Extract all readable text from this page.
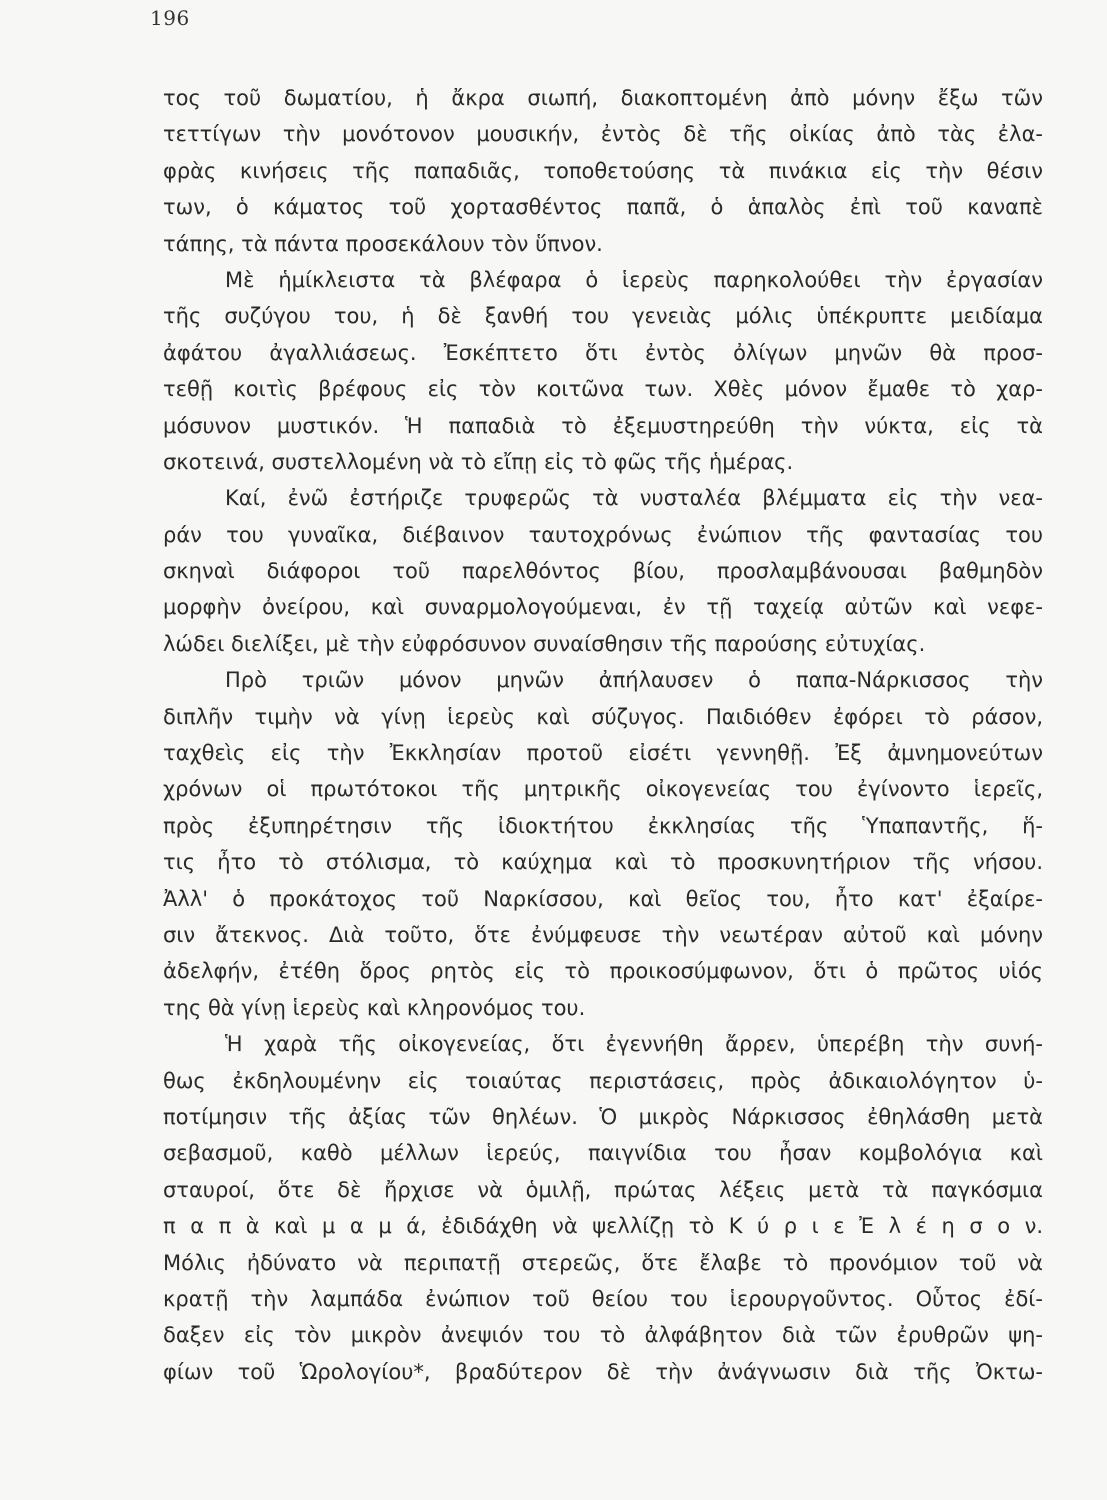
196
τος τοῦ δωματίου, ἡ ἄκρα σιωπή, διακοπτομένη ἀπὸ μόνην ἔξω τῶν
τεττίγων τὴν μονότονον μουσικήν, ἐντὸς δὲ τῆς οἰκίας ἀπὸ τὰς ἐλα-
φρὰς κινήσεις τῆς παπαδιᾶς, τοποθετούσης τὰ πινάκια εἰς τὴν θέσιν
των, ὁ κάματος τοῦ χορτασθέντος παπᾶ, ὁ ἁπαλὸς ἐπὶ τοῦ καναπὲ
τάπης, τὰ πάντα προσεκάλουν τὸν ὕπνον.
Μὲ ἡμίκλειστα τὰ βλέφαρα ὁ ἱερεὺς παρηκολούθει τὴν ἐργασίαν
τῆς συζύγου του, ἡ δὲ ξανθή του γενειὰς μόλις ὑπέκρυπτε μειδίαμα
ἀφάτου ἀγαλλιάσεως. Ἐσκέπτετο ὅτι ἐντὸς ὀλίγων μηνῶν θὰ προσ-
τεθῇ κοιτὶς βρέφους εἰς τὸν κοιτῶνα των. Χθὲς μόνον ἔμαθε τὸ χαρ-
μόσυνον μυστικόν. Ἡ παπαδιὰ τὸ ἐξεμυστηρεύθη τὴν νύκτα, εἰς τὰ
σκοτεινά, συστελλομένη νὰ τὸ εἴπῃ εἰς τὸ φῶς τῆς ἡμέρας.
Καί, ἐνῶ ἐστήριζε τρυφερῶς τὰ νυσταλέα βλέμματα εἰς τὴν νεα-
ράν του γυναῖκα, διέβαινον ταυτοχρόνως ἐνώπιον τῆς φαντασίας του
σκηναὶ διάφοροι τοῦ παρελθόντος βίου, προσλαμβάνουσαι βαθμηδὸν
μορφὴν ὀνείρου, καὶ συναρμολογούμεναι, ἐν τῇ ταχείᾳ αὐτῶν καὶ νεφε-
λώδει διελίξει, μὲ τὴν εὐφρόσυνον συναίσθησιν τῆς παρούσης εὐτυχίας.
Πρὸ τριῶν μόνον μηνῶν ἀπήλαυσεν ὁ παπα-Νάρκισσος τὴν
διπλῆν τιμὴν νὰ γίνῃ ἱερεὺς καὶ σύζυγος. Παιδιόθεν ἐφόρει τὸ ράσον,
ταχθεὶς εἰς τὴν Ἐκκλησίαν προτοῦ εἰσέτι γεννηθῇ. Ἐξ ἀμνημονεύτων
χρόνων οἱ πρωτότοκοι τῆς μητρικῆς οἰκογενείας του ἐγίνοντο ἱερεῖς,
πρὸς ἐξυπηρέτησιν τῆς ἰδιοκτήτου ἐκκλησίας τῆς Ὑπαπαντῆς, ἥ-
τις ἦτο τὸ στόλισμα, τὸ καύχημα καὶ τὸ προσκυνητήριον τῆς νήσου.
Ἀλλ' ὁ προκάτοχος τοῦ Ναρκίσσου, καὶ θεῖος του, ἦτο κατ' ἐξαίρε-
σιν ἄτεκνος. Διὰ τοῦτο, ὅτε ἐνύμφευσε τὴν νεωτέραν αὐτοῦ καὶ μόνην
ἀδελφήν, ἐτέθη ὅρος ρητὸς εἰς τὸ προικοσύμφωνον, ὅτι ὁ πρῶτος υἱός
της θὰ γίνῃ ἱερεὺς καὶ κληρονόμος του.
Ἡ χαρὰ τῆς οἰκογενείας, ὅτι ἐγεννήθη ἄρρεν, ὑπερέβη τὴν συνή-
θως ἐκδηλουμένην εἰς τοιαύτας περιστάσεις, πρὸς ἀδικαιολόγητον ὑ-
ποτίμησιν τῆς ἀξίας τῶν θηλέων. Ὁ μικρὸς Νάρκισσος ἐθηλάσθη μετὰ
σεβασμοῦ, καθὸ μέλλων ἱερεύς, παιγνίδια του ἦσαν κομβολόγια καὶ
σταυροί, ὅτε δὲ ἤρχισε νὰ ὁμιλῇ, πρώτας λέξεις μετὰ τὰ παγκόσμια
π α π ὰ καὶ μ α μ ά, ἐδιδάχθη νὰ ψελλίζῃ τὸ Κ ύ ρ ι ε Ἐ λ έ η σ ο ν.
Μόλις ἠδύνατο νὰ περιπατῇ στερεῶς, ὅτε ἔλαβε τὸ προνόμιον τοῦ νὰ
κρατῇ τὴν λαμπάδα ἐνώπιον τοῦ θείου του ἱερουργοῦντος. Οὗτος ἐδί-
δαξεν εἰς τὸν μικρὸν ἀνεψιόν του τὸ ἀλφάβητον διὰ τῶν ἐρυθρῶν ψη-
φίων τοῦ Ὡρολογίου*, βραδύτερον δὲ τὴν ἀνάγνωσιν διὰ τῆς Ὀκτω-
